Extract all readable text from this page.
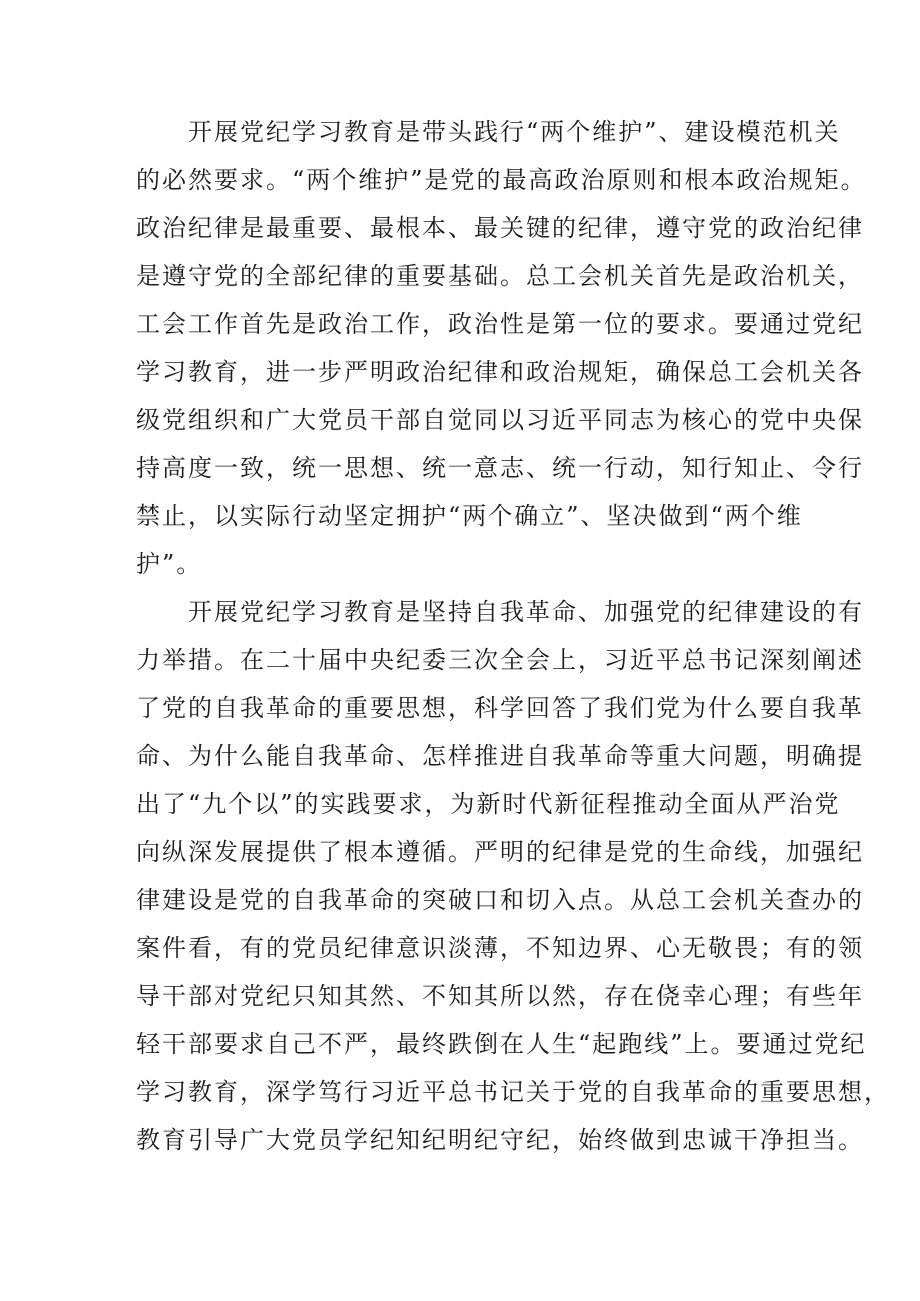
开展党纪学习教育是带头践行“两个维护”、建设模范机关
的必然要求。“两个维护”是党的最高政治原则和根本政治规矩。
政治纪律是最重要、最根本、最关键的纪律，遵守党的政治纪律
是遵守党的全部纪律的重要基础。总工会机关首先是政治机关，
工会工作首先是政治工作，政治性是第一位的要求。要通过党纪
学习教育，进一步严明政治纪律和政治规矩，确保总工会机关各
级党组织和广大党员干部自觉同以习近平同志为核心的党中央保
持高度一致，统一思想、统一意志、统一行动，知行知止、令行
禁止，以实际行动坚定拥护“两个确立”、坚决做到“两个维
护”。
开展党纪学习教育是坚持自我革命、加强党的纪律建设的有
力举措。在二十届中央纪委三次全会上，习近平总书记深刻阐述
了党的自我革命的重要思想，科学回答了我们党为什么要自我革
命、为什么能自我革命、怎样推进自我革命等重大问题，明确提
出了“九个以”的实践要求，为新时代新征程推动全面从严治党
向纵深发展提供了根本遵循。严明的纪律是党的生命线，加强纪
律建设是党的自我革命的突破口和切入点。从总工会机关查办的
案件看，有的党员纪律意识淡薄，不知边界、心无敬畏；有的领
导干部对党纪只知其然、不知其所以然，存在侥幸心理；有些年
轻干部要求自己不严，最终跌倒在人生“起跑线”上。要通过党纪
学习教育，深学笃行习近平总书记关于党的自我革命的重要思想，
教育引导广大党员学纪知纪明纪守纪，始终做到忠诚干净担当。
